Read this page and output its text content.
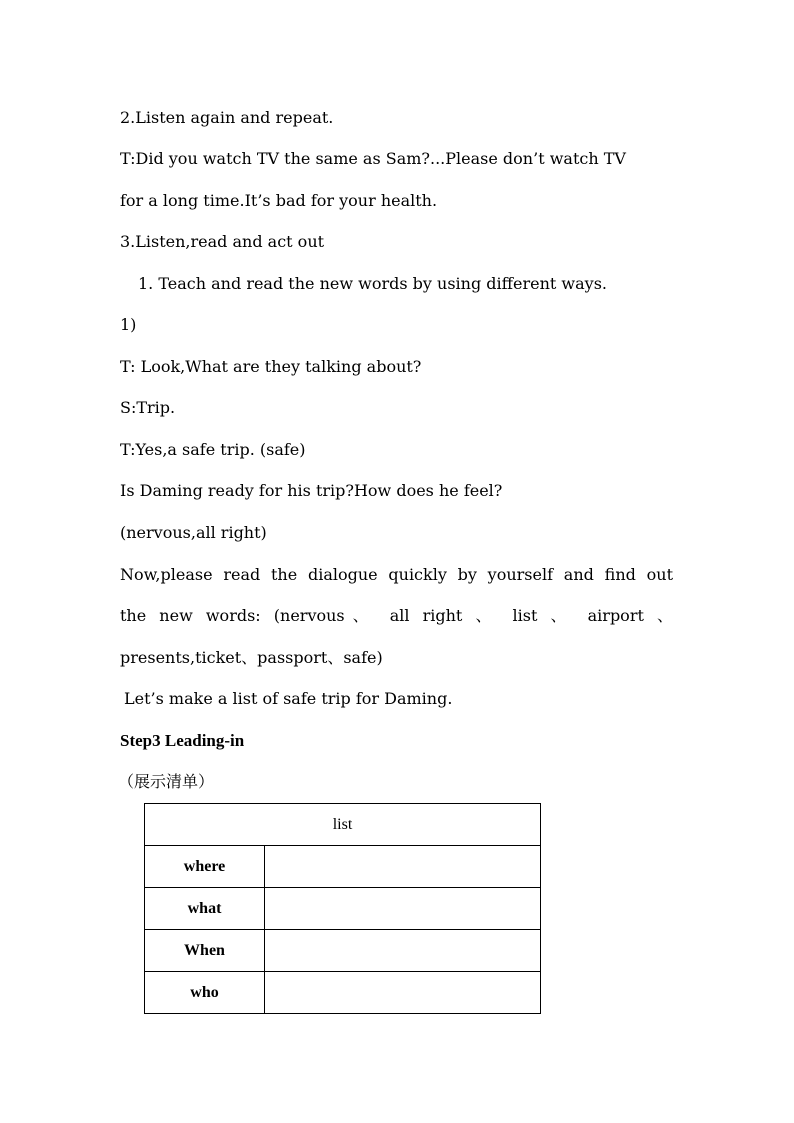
2.Listen again and repeat.
T:Did you watch TV the same as Sam?...Please don’t watch TV
for a long time.It’s bad for your health.
3.Listen,read and act out
1. Teach and read the new words by using different ways.
1)
T: Look,What are they talking about?
S:Trip.
T:Yes,a safe trip. (safe)
Is Daming ready for his trip?How does he feel?
(nervous,all right)
Now,please read the dialogue quickly by yourself and find out
the new words: (nervous、 all right 、 list 、 airport 、
presents,ticket、passport、safe)
Let’s make a list of safe trip for Daming.
Step3 Leading-in
（展示清单）
list	
where	
what	
When	
who	
